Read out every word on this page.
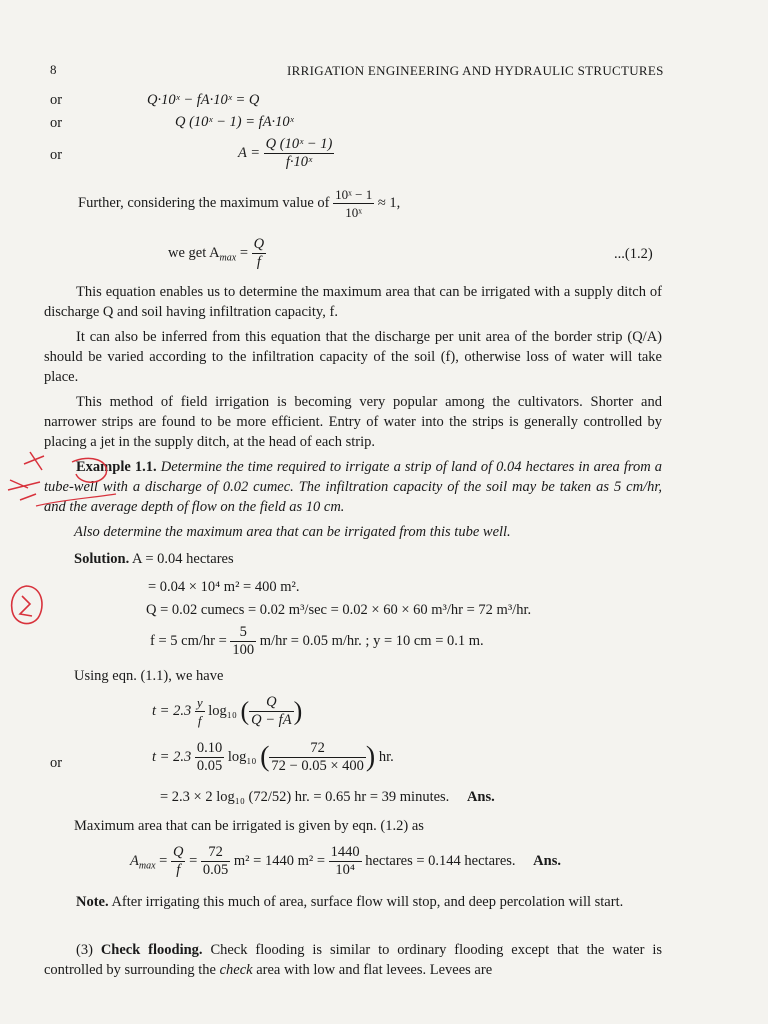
8	IRRIGATION ENGINEERING AND HYDRAULIC STRUCTURES
or	Q·10ˣ − fA·10ˣ = Q
or	Q (10ˣ − 1) = fA·10ˣ
or	$A = \frac{\text{Q (10ˣ − 1)}}{\text{f·10ˣ}}$
Further, considering the maximum value of $\frac{\text{10ˣ − 1}}{\text{10ˣ}} \approx 1$,
we get $A_{max} = \frac{Q}{f}$	...(1.2)
This equation enables us to determine the maximum area that can be irrigated with a supply ditch of discharge Q and soil having infiltration capacity, f.
It can also be inferred from this equation that the discharge per unit area of the border strip (Q/A) should be varied according to the infiltration capacity of the soil (f), otherwise loss of water will take place.
This method of field irrigation is becoming very popular among the cultivators. Shorter and narrower strips are found to be more efficient. Entry of water into the strips is generally controlled by placing a jet in the supply ditch, at the head of each strip.
Example 1.1. Determine the time required to irrigate a strip of land of 0.04 hectares in area from a tube-well with a discharge of 0.02 cumec. The infiltration capacity of the soil may be taken as 5 cm/hr, and the average depth of flow on the field as 10 cm.
Also determine the maximum area that can be irrigated from this tube well.
Solution. A = 0.04 hectares
= 0.04 × 10⁴ m² = 400 m².
Q = 0.02 cumecs = 0.02 m³/sec = 0.02 × 60 × 60 m³/hr = 72 m³/hr.
f = 5 $cm/hr = \frac{5}{100} m/hr = 0.05$ m/hr. ; y = 10 cm = 0.1 m.
Using eqn. (1.1), we have
$t = 2.3 \frac{y}{f} \log_{10}$ ( $\frac{Q}{Q - fA}$ )
or	$t = 2.3 \frac{0.10}{0.05} \log_{10}$ ( $\frac{72}{72 - 0.05 \times 400}$ ) hr.
= 2.3 × 2 log₁₀ (72/52) hr. = 0.65 hr = 39 minutes. Ans.
Maximum area that can be irrigated is given by eqn. (1.2) as
$A_{max} = \frac{Q}{f} = \frac{72}{0.05} m^2 = 1440$ $m^2 = \frac{1440}{\text{10⁴}}$ hectares = 0.144 hectares. Ans.
Note. After irrigating this much of area, surface flow will stop, and deep percolation will start.
(3) Check flooding. Check flooding is similar to ordinary flooding except that the water is controlled by surrounding the check area with low and flat levees. Levees are
